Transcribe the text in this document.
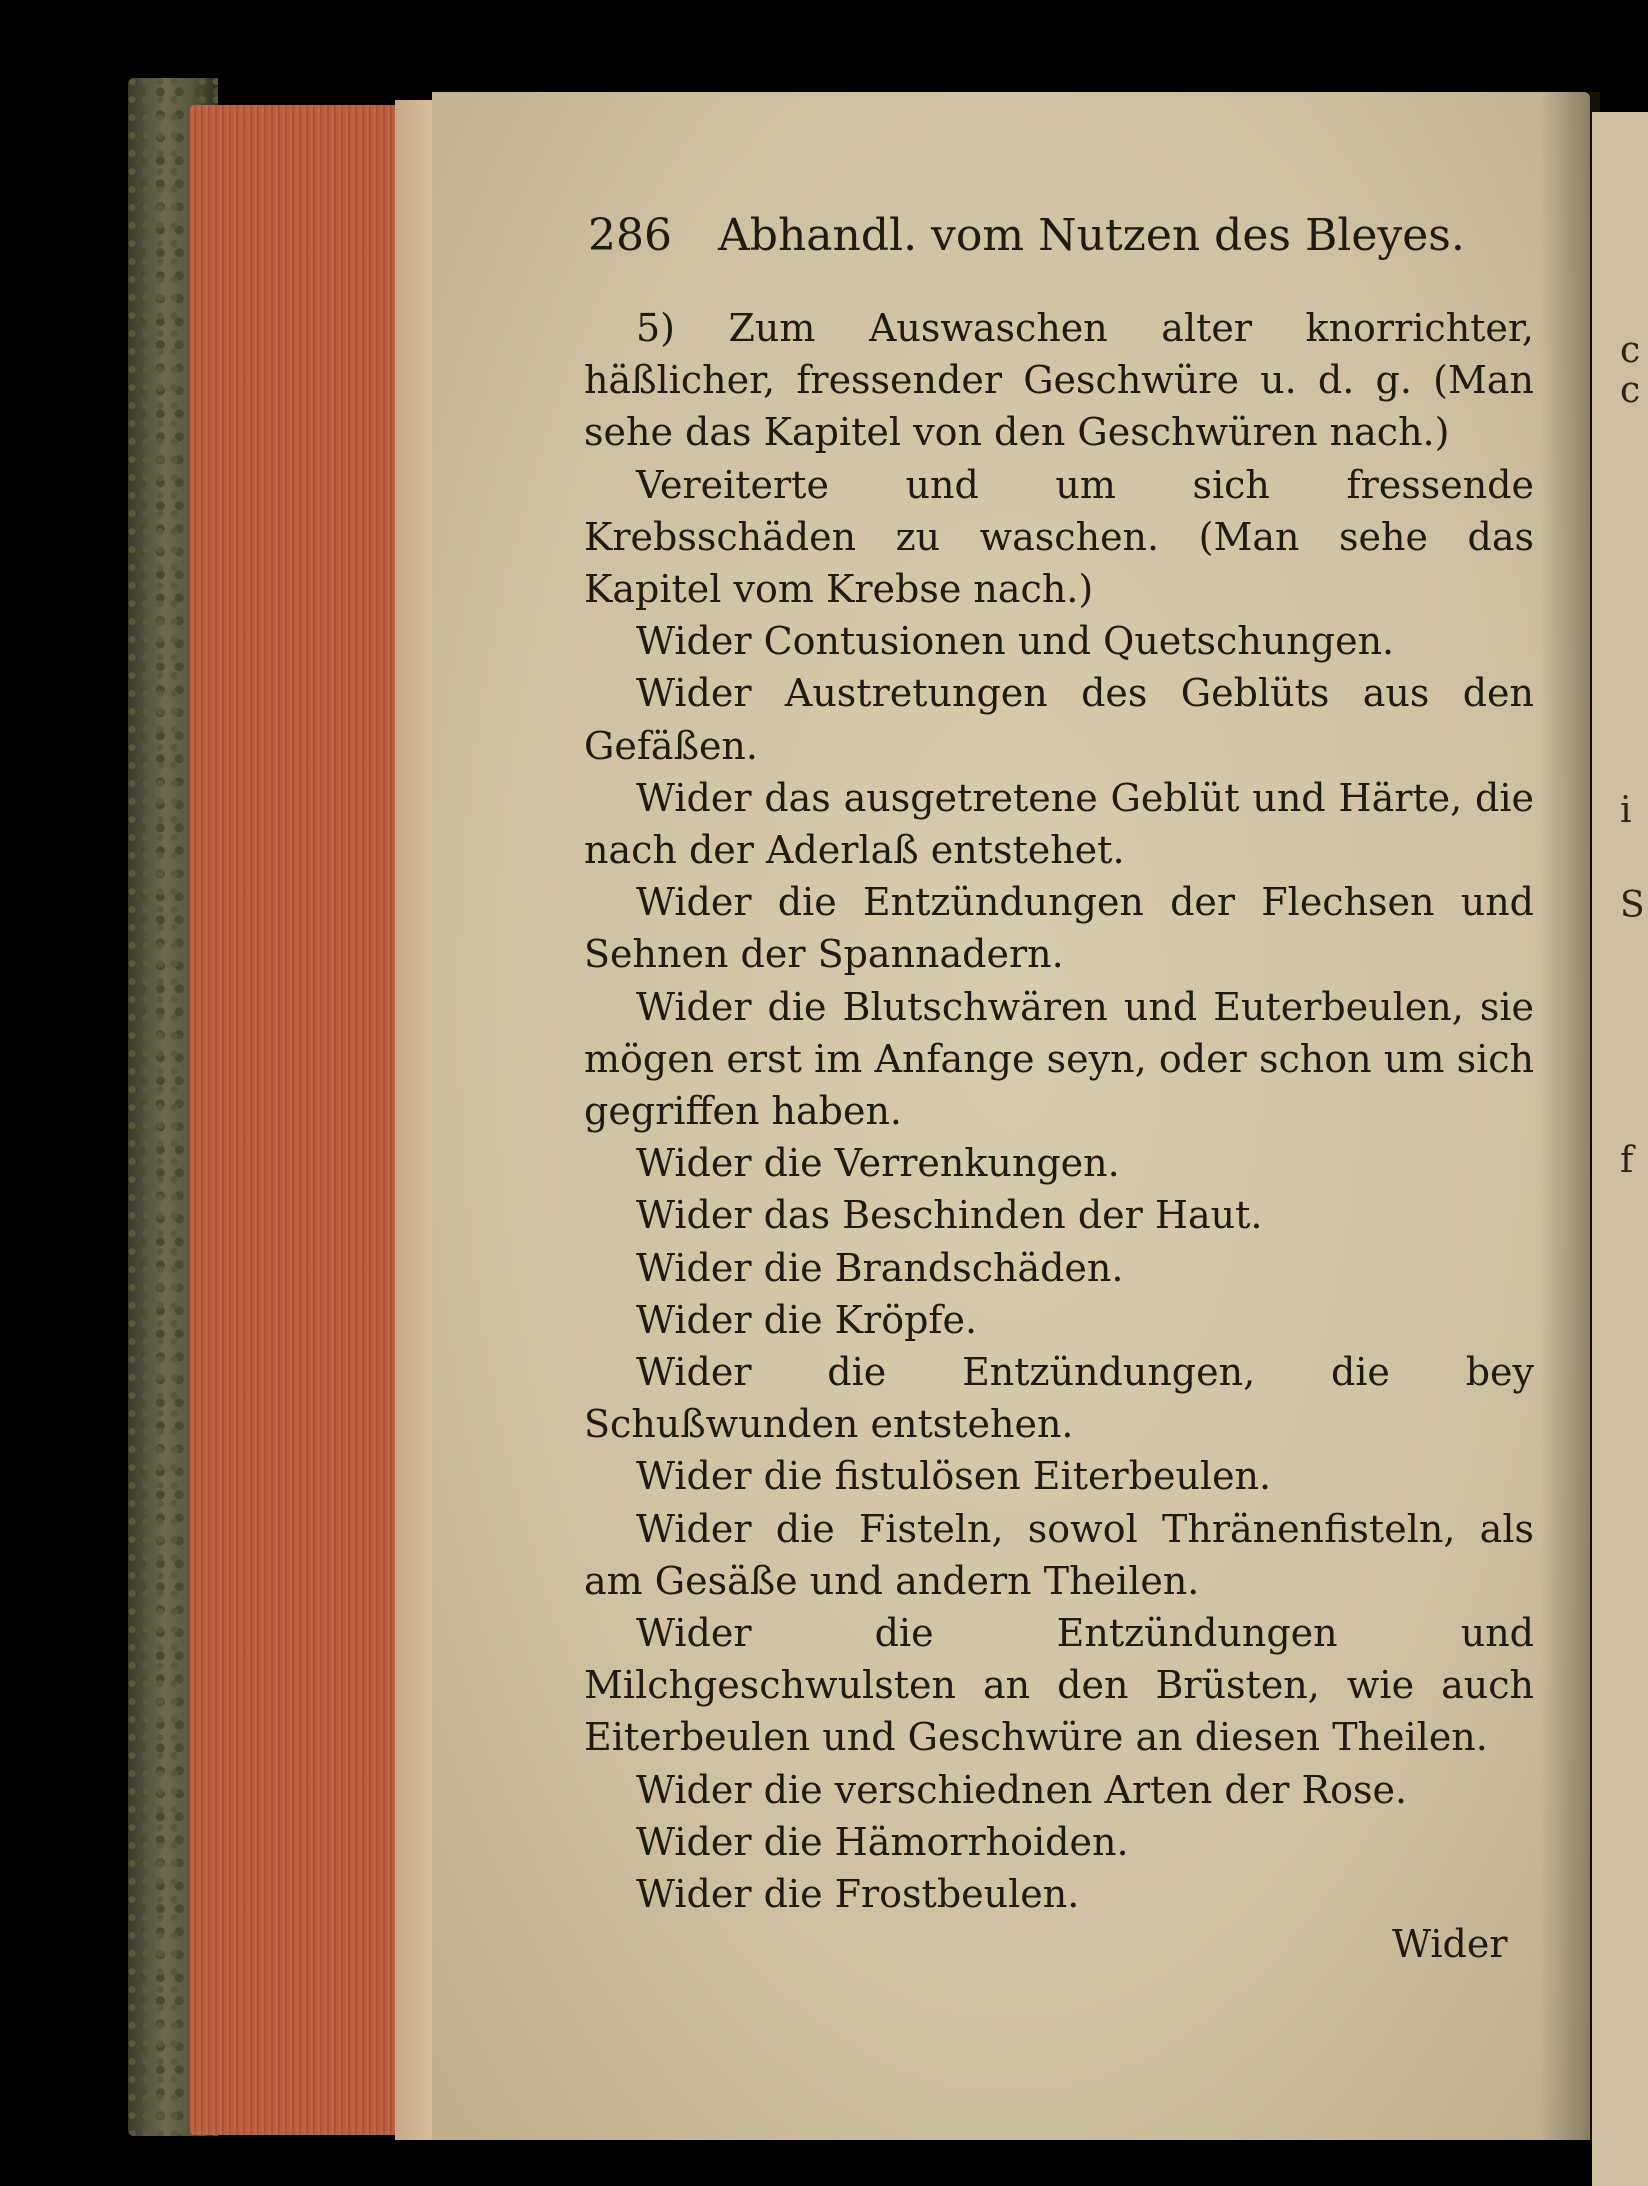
c
c
i
S
f
286 Abhandl. vom Nutzen des Bleyes.

5) Zum Auswaschen alter knorrichter, häßlicher, fressender Geschwüre u. d. g. (Man sehe das Kapitel von den Geschwüren nach.)

Vereiterte und um sich fressende Krebsschäden zu waschen. (Man sehe das Kapitel vom Krebse nach.)

Wider Contusionen und Quetschungen.

Wider Austretungen des Geblüts aus den Gefäßen.

Wider das ausgetretene Geblüt und Härte, die nach der Aderlaß entstehet.

Wider die Entzündungen der Flechsen und Sehnen der Spannadern.

Wider die Blutschwären und Euterbeulen, sie mögen erst im Anfange seyn, oder schon um sich gegriffen haben.

Wider die Verrenkungen.

Wider das Beschinden der Haut.

Wider die Brandschäden.

Wider die Kröpfe.

Wider die Entzündungen, die bey Schußwunden entstehen.

Wider die fistulösen Eiterbeulen.

Wider die Fisteln, sowol Thränenfisteln, als am Gesäße und andern Theilen.

Wider die Entzündungen und Milchgeschwulsten an den Brüsten, wie auch Eiterbeulen und Geschwüre an diesen Theilen.

Wider die verschiednen Arten der Rose.

Wider die Hämorrhoiden.

Wider die Frostbeulen.

Wider
